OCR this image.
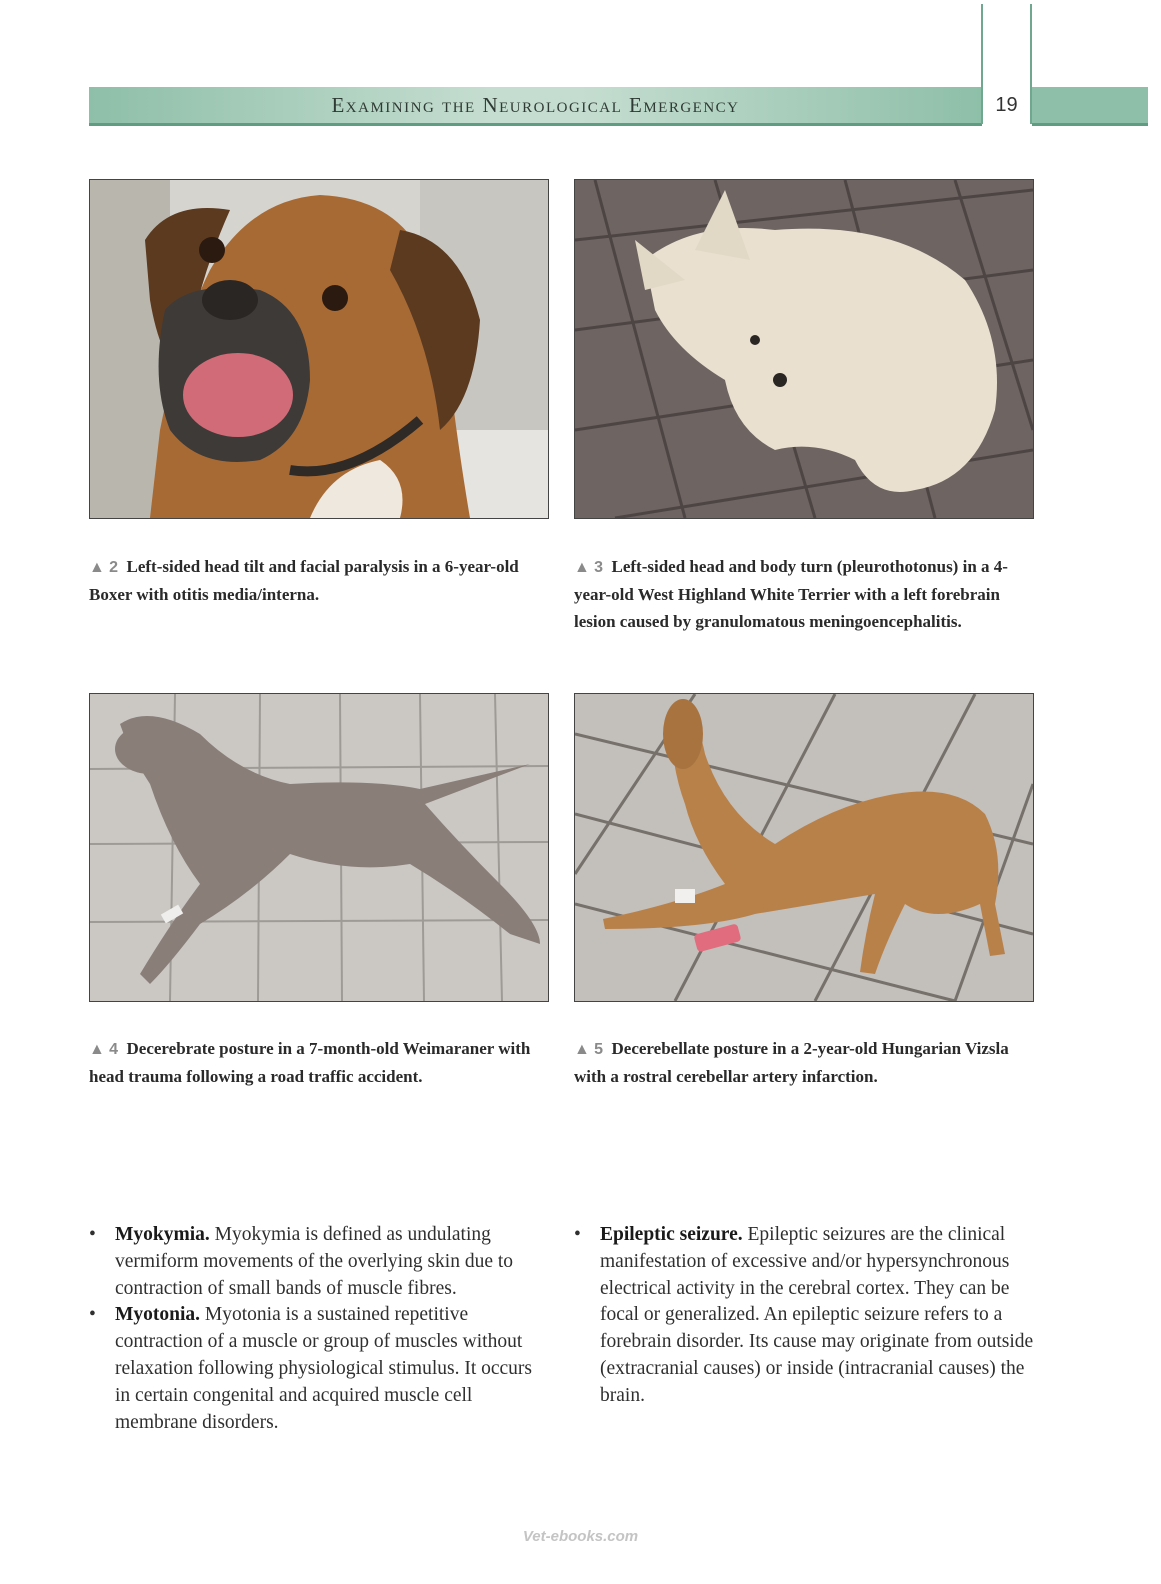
Examining the Neurological Emergency	19
▲ 2 Left-sided head tilt and facial paralysis in a 6-year-old Boxer with otitis media/interna.
▲ 3 Left-sided head and body turn (pleurothotonus) in a 4-year-old West Highland White Terrier with a left forebrain lesion caused by granulomatous meningoencephalitis.
▲ 4 Decerebrate posture in a 7-month-old Weimaraner with head trauma following a road traffic accident.
▲ 5 Decerebellate posture in a 2-year-old Hungarian Vizsla with a rostral cerebellar artery infarction.
• Myokymia. Myokymia is defined as undulating vermiform movements of the overlying skin due to contraction of small bands of muscle fibres.
• Myotonia. Myotonia is a sustained repetitive contraction of a muscle or group of muscles without relaxation following physiological stimulus. It occurs in certain congenital and acquired muscle cell membrane disorders.
• Epileptic seizure. Epileptic seizures are the clinical manifestation of excessive and/or hypersynchronous electrical activity in the cerebral cortex. They can be focal or generalized. An epileptic seizure refers to a forebrain disorder. Its cause may originate from outside (extracranial causes) or inside (intracranial causes) the brain.
Vet-ebooks.com
